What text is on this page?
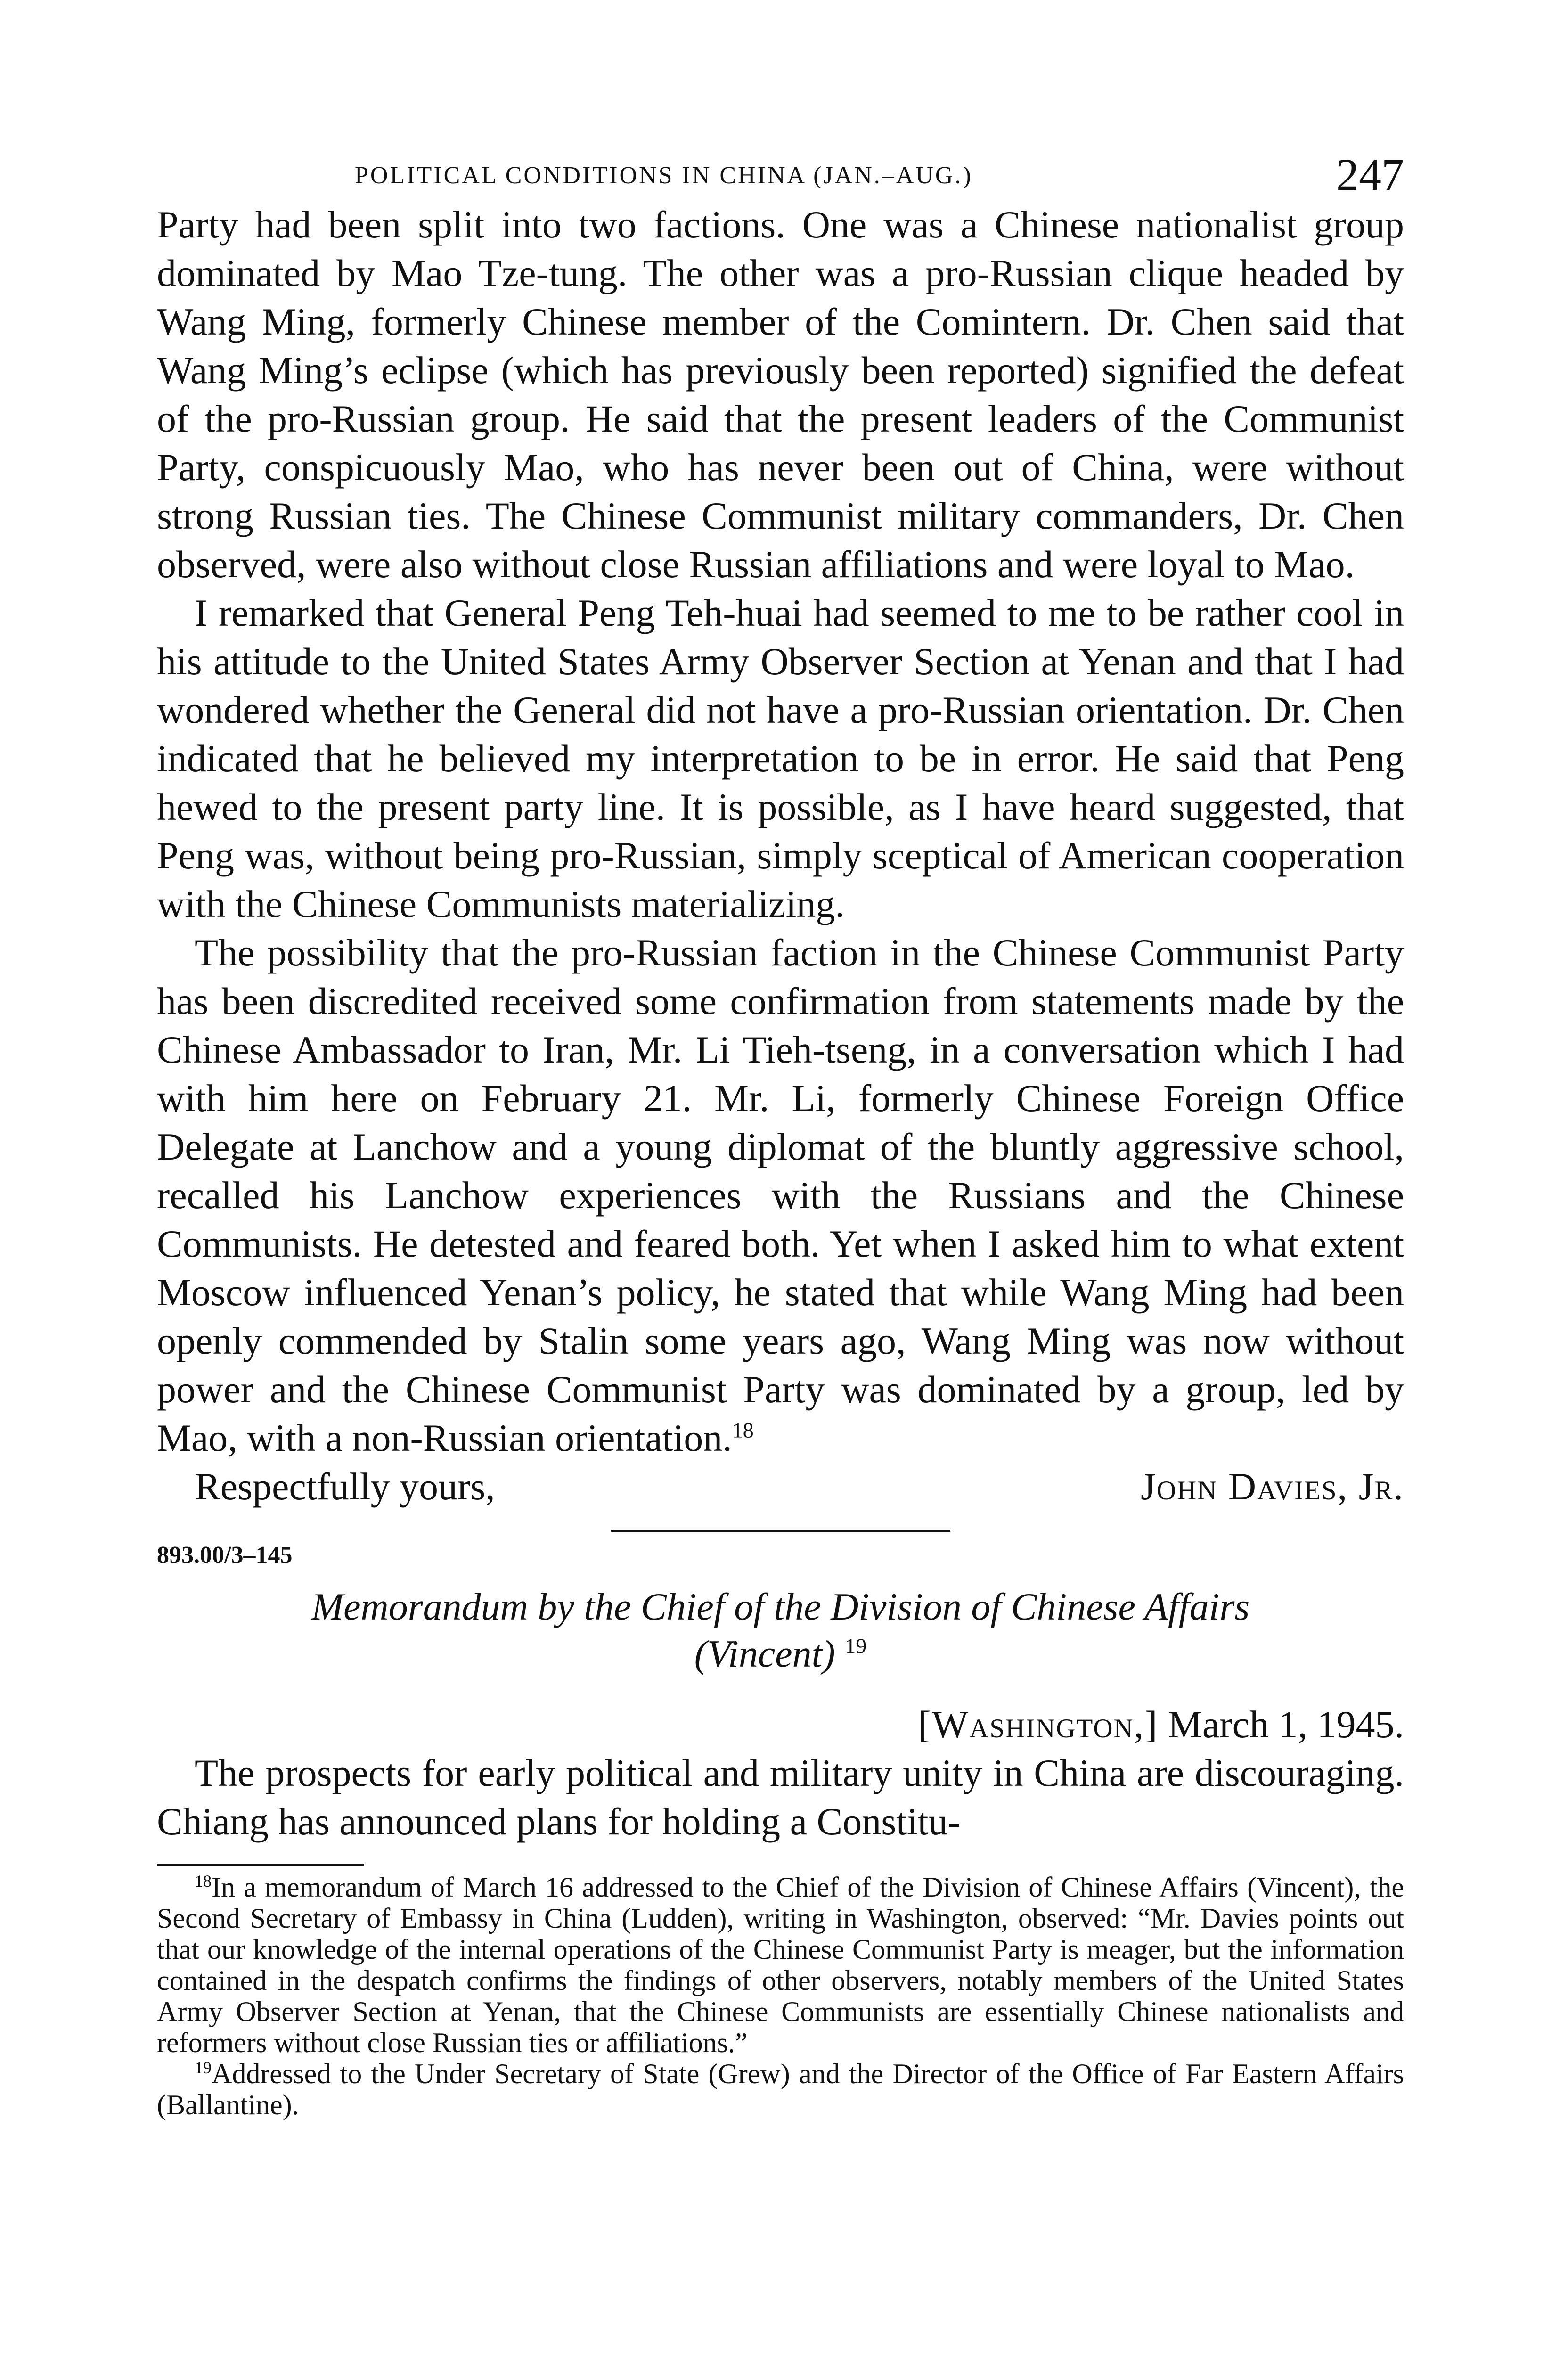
POLITICAL CONDITIONS IN CHINA (JAN.–AUG.)	247

Party had been split into two factions. One was a Chinese nationalist group dominated by Mao Tze-tung. The other was a pro-Russian clique headed by Wang Ming, formerly Chinese member of the Comintern. Dr. Chen said that Wang Ming’s eclipse (which has previously been reported) signified the defeat of the pro-Russian group. He said that the present leaders of the Communist Party, conspicuously Mao, who has never been out of China, were without strong Russian ties. The Chinese Communist military commanders, Dr. Chen observed, were also without close Russian affiliations and were loyal to Mao.

I remarked that General Peng Teh-huai had seemed to me to be rather cool in his attitude to the United States Army Observer Section at Yenan and that I had wondered whether the General did not have a pro-Russian orientation. Dr. Chen indicated that he believed my interpretation to be in error. He said that Peng hewed to the present party line. It is possible, as I have heard suggested, that Peng was, without being pro-Russian, simply sceptical of American cooperation with the Chinese Communists materializing.

The possibility that the pro-Russian faction in the Chinese Communist Party has been discredited received some confirmation from statements made by the Chinese Ambassador to Iran, Mr. Li Tieh-tseng, in a conversation which I had with him here on February 21. Mr. Li, formerly Chinese Foreign Office Delegate at Lanchow and a young diplomat of the bluntly aggressive school, recalled his Lanchow experiences with the Russians and the Chinese Communists. He detested and feared both. Yet when I asked him to what extent Moscow influenced Yenan’s policy, he stated that while Wang Ming had been openly commended by Stalin some years ago, Wang Ming was now without power and the Chinese Communist Party was dominated by a group, led by Mao, with a non-Russian orientation.$^{18}$

Respectfully yours,	John Davies, Jr.
893.00/3–145
Memorandum by the Chief of the Division of Chinese Affairs
(Vincent) $^{19}$
[Washington,] March 1, 1945.

The prospects for early political and military unity in China are discouraging. Chiang has announced plans for holding a Constitu-

$^{18}$In a memorandum of March 16 addressed to the Chief of the Division of Chinese Affairs (Vincent), the Second Secretary of Embassy in China (Ludden), writing in Washington, observed: “Mr. Davies points out that our knowledge of the internal operations of the Chinese Communist Party is meager, but the information contained in the despatch confirms the findings of other observers, notably members of the United States Army Observer Section at Yenan, that the Chinese Communists are essentially Chinese nationalists and reformers without close Russian ties or affiliations.”

$^{19}$Addressed to the Under Secretary of State (Grew) and the Director of the Office of Far Eastern Affairs (Ballantine).
